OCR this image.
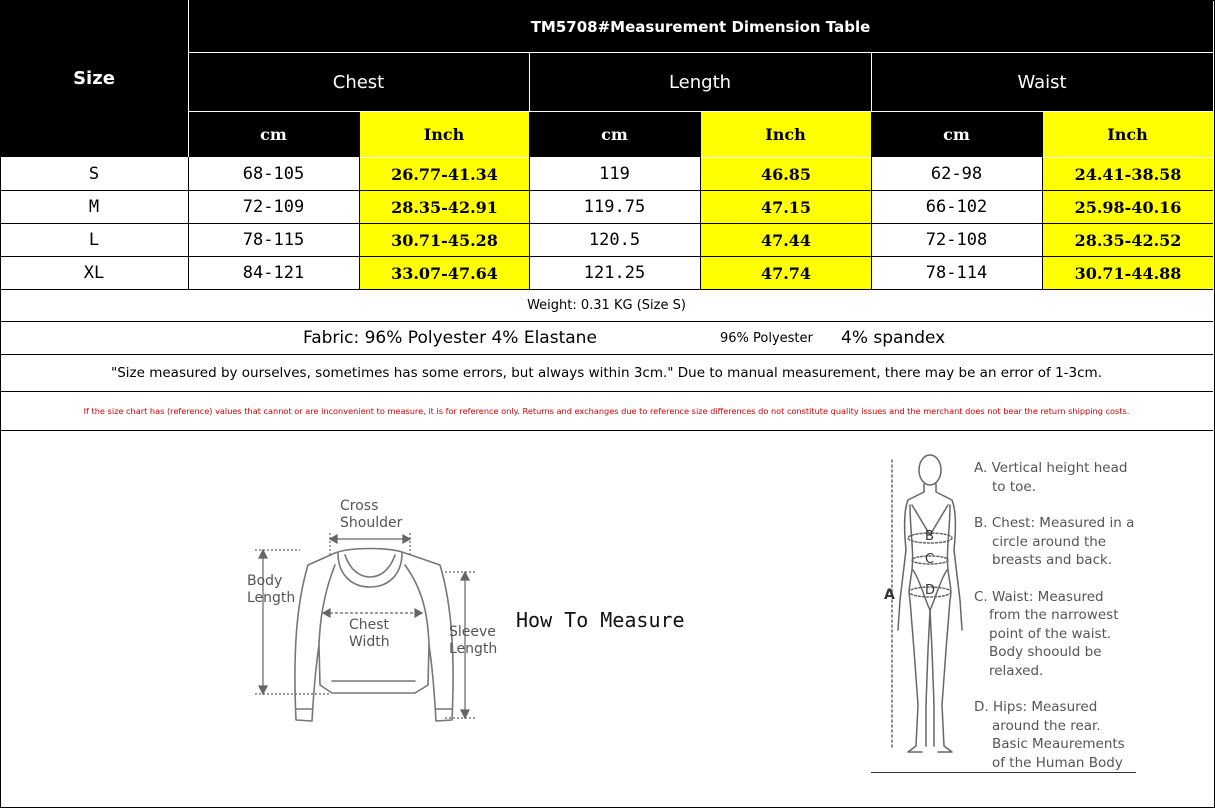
Size
TM5708#Measurement Dimension Table
Chest	Length	Waist
cm	Inch	cm	Inch	cm	Inch
S	68-105	26.77-41.34	119	46.85	62-98	24.41-38.58
M	72-109	28.35-42.91	119.75	47.15	66-102	25.98-40.16
L	78-115	30.71-45.28	120.5	47.44	72-108	28.35-42.52
XL	84-121	33.07-47.64	121.25	47.74	78-114	30.71-44.88
Weight: 0.31 KG (Size S)
Fabric: 96% Polyester 4% Elastane	96% Polyester 4% spandex
"Size measured by ourselves, sometimes has some errors, but always within 3cm." Due to manual measurement, there may be an error of 1-3cm.
If the size chart has (reference) values that cannot or are inconvenient to measure, it is for reference only. Returns and exchanges due to reference size differences do not constitute quality issues and the merchant does not bear the return shipping costs.
Cross
Shoulder
Body
Length
Chest
Width
Sleeve
Length
How To Measure
A
B
C
D

A. Vertical height head

to toe.

B. Chest: Measured in a

circle around the

breasts and back.

C. Waist: Measured

from the narrowest

point of the waist.

Body shoould be

relaxed.

D. Hips: Measured

around the rear.

Basic Meaurements

of the Human Body
